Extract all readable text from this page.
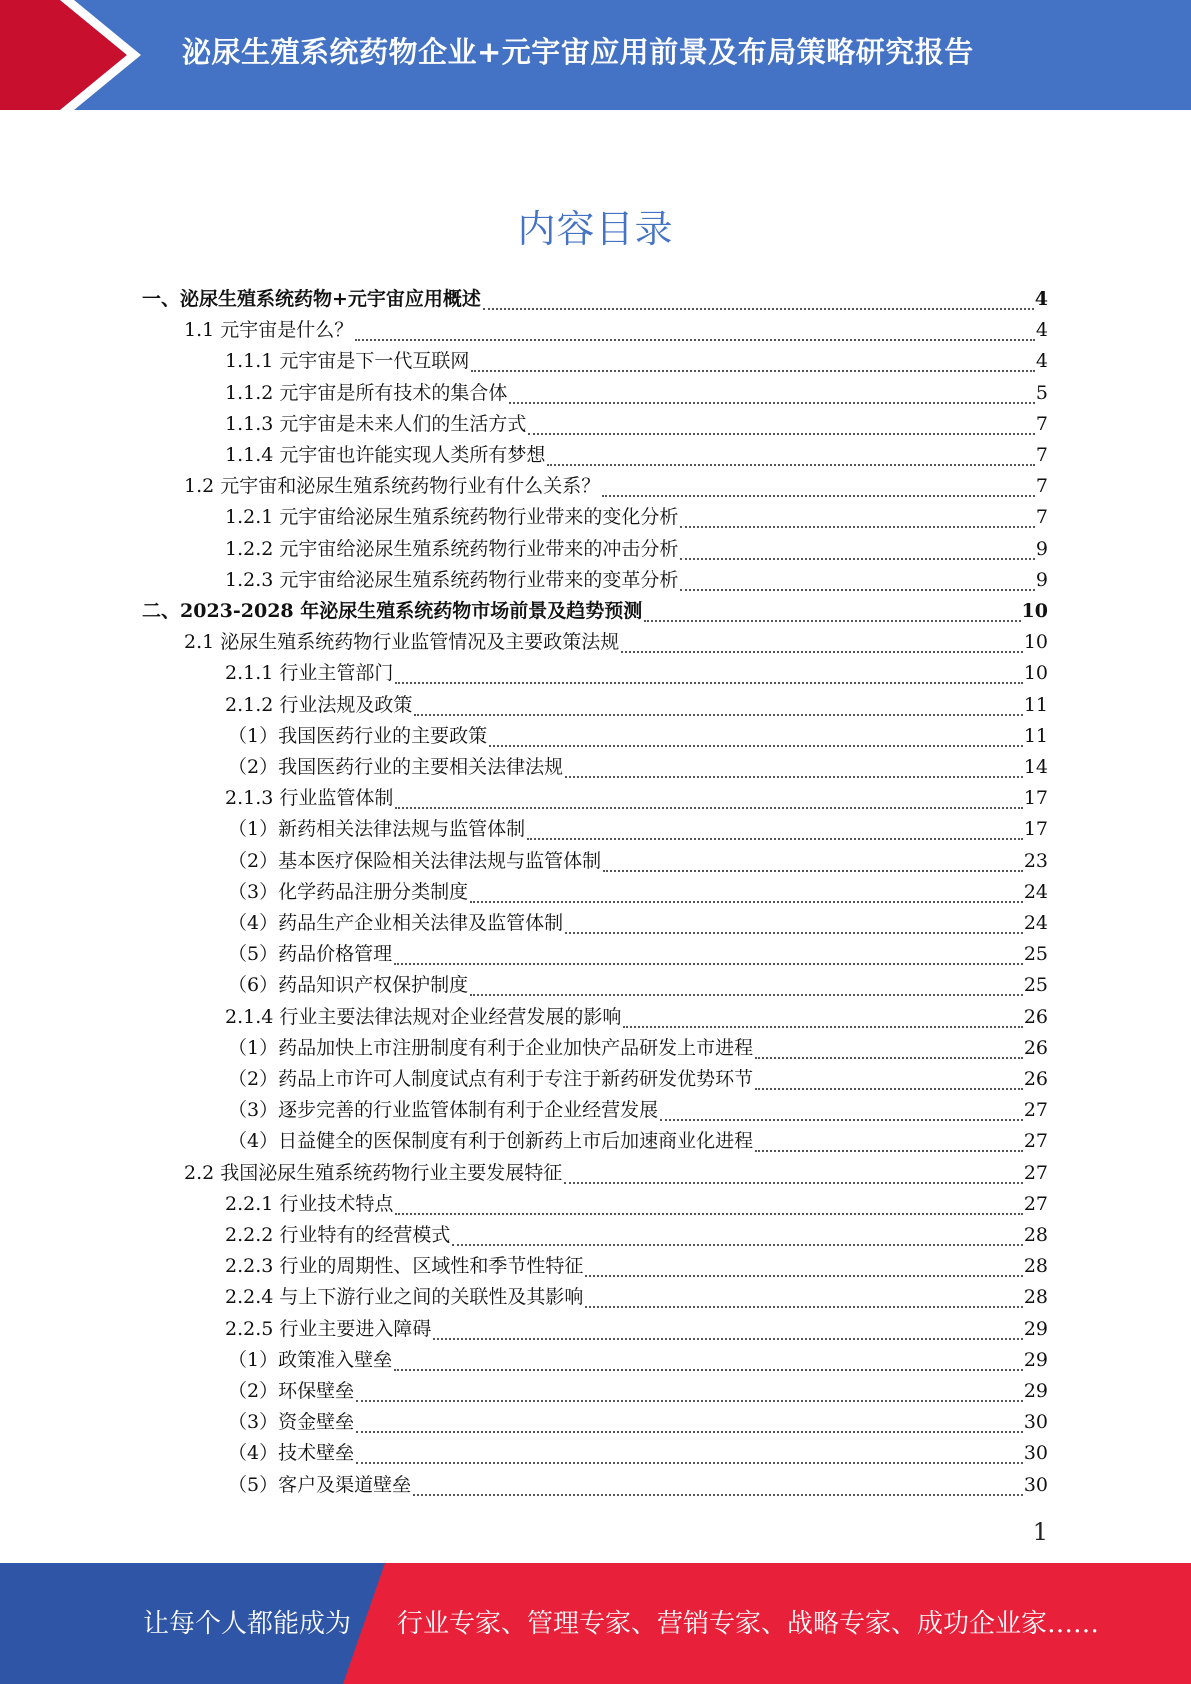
泌尿生殖系统药物企业+元宇宙应用前景及布局策略研究报告
内容目录
一、泌尿生殖系统药物+元宇宙应用概述	4
1.1 元宇宙是什么？	4
1.1.1 元宇宙是下一代互联网	4
1.1.2 元宇宙是所有技术的集合体	5
1.1.3 元宇宙是未来人们的生活方式	7
1.1.4 元宇宙也许能实现人类所有梦想	7
1.2 元宇宙和泌尿生殖系统药物行业有什么关系？	7
1.2.1 元宇宙给泌尿生殖系统药物行业带来的变化分析	7
1.2.2 元宇宙给泌尿生殖系统药物行业带来的冲击分析	9
1.2.3 元宇宙给泌尿生殖系统药物行业带来的变革分析	9
二、2023-2028 年泌尿生殖系统药物市场前景及趋势预测	10
2.1 泌尿生殖系统药物行业监管情况及主要政策法规	10
2.1.1 行业主管部门	10
2.1.2 行业法规及政策	11
（1）我国医药行业的主要政策	11
（2）我国医药行业的主要相关法律法规	14
2.1.3 行业监管体制	17
（1）新药相关法律法规与监管体制	17
（2）基本医疗保险相关法律法规与监管体制	23
（3）化学药品注册分类制度	24
（4）药品生产企业相关法律及监管体制	24
（5）药品价格管理	25
（6）药品知识产权保护制度	25
2.1.4 行业主要法律法规对企业经营发展的影响	26
（1）药品加快上市注册制度有利于企业加快产品研发上市进程	26
（2）药品上市许可人制度试点有利于专注于新药研发优势环节	26
（3）逐步完善的行业监管体制有利于企业经营发展	27
（4）日益健全的医保制度有利于创新药上市后加速商业化进程	27
2.2 我国泌尿生殖系统药物行业主要发展特征	27
2.2.1 行业技术特点	27
2.2.2 行业特有的经营模式	28
2.2.3 行业的周期性、区域性和季节性特征	28
2.2.4 与上下游行业之间的关联性及其影响	28
2.2.5 行业主要进入障碍	29
（1）政策准入壁垒	29
（2）环保壁垒	29
（3）资金壁垒	30
（4）技术壁垒	30
（5）客户及渠道壁垒	30
1
让每个人都能成为 行业专家、管理专家、营销专家、战略专家、成功企业家……
